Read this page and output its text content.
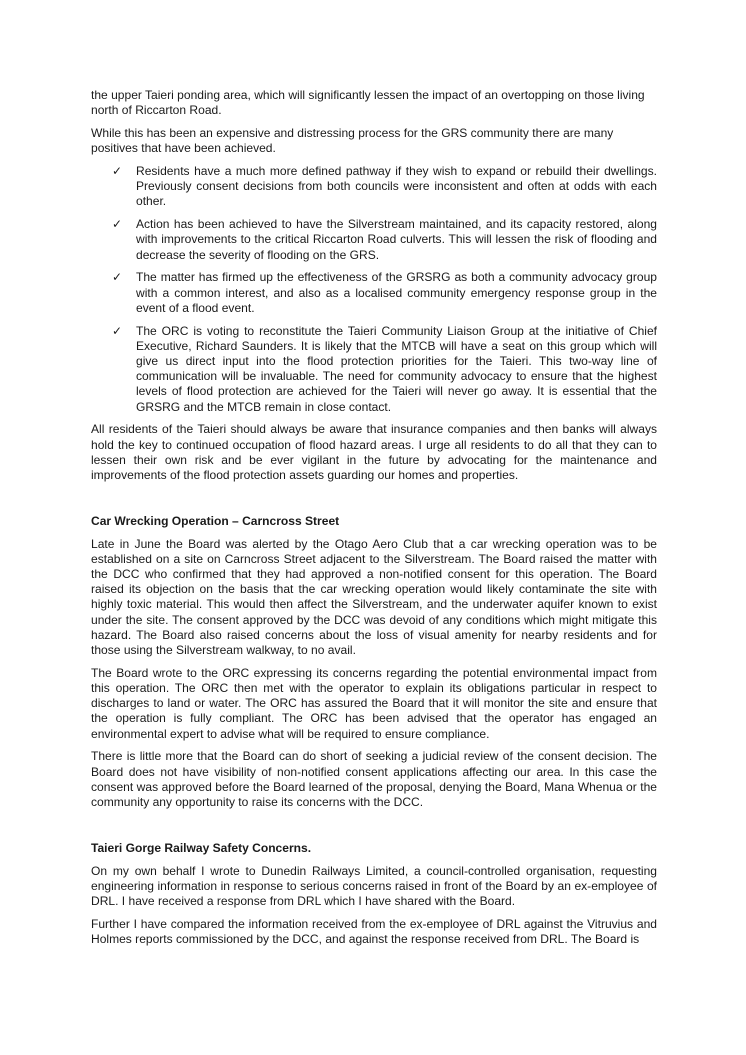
the upper Taieri ponding area, which will significantly lessen the impact of an overtopping on those living north of Riccarton Road.

While this has been an expensive and distressing process for the GRS community there are many positives that have been achieved.

✓ Residents have a much more defined pathway if they wish to expand or rebuild their dwellings. Previously consent decisions from both councils were inconsistent and often at odds with each other.
✓ Action has been achieved to have the Silverstream maintained, and its capacity restored, along with improvements to the critical Riccarton Road culverts. This will lessen the risk of flooding and decrease the severity of flooding on the GRS.
✓ The matter has firmed up the effectiveness of the GRSRG as both a community advocacy group with a common interest, and also as a localised community emergency response group in the event of a flood event.
✓ The ORC is voting to reconstitute the Taieri Community Liaison Group at the initiative of Chief Executive, Richard Saunders. It is likely that the MTCB will have a seat on this group which will give us direct input into the flood protection priorities for the Taieri. This two-way line of communication will be invaluable. The need for community advocacy to ensure that the highest levels of flood protection are achieved for the Taieri will never go away. It is essential that the GRSRG and the MTCB remain in close contact.

All residents of the Taieri should always be aware that insurance companies and then banks will always hold the key to continued occupation of flood hazard areas. I urge all residents to do all that they can to lessen their own risk and be ever vigilant in the future by advocating for the maintenance and improvements of the flood protection assets guarding our homes and properties.

Car Wrecking Operation – Carncross Street

Late in June the Board was alerted by the Otago Aero Club that a car wrecking operation was to be established on a site on Carncross Street adjacent to the Silverstream. The Board raised the matter with the DCC who confirmed that they had approved a non-notified consent for this operation. The Board raised its objection on the basis that the car wrecking operation would likely contaminate the site with highly toxic material. This would then affect the Silverstream, and the underwater aquifer known to exist under the site. The consent approved by the DCC was devoid of any conditions which might mitigate this hazard. The Board also raised concerns about the loss of visual amenity for nearby residents and for those using the Silverstream walkway, to no avail.

The Board wrote to the ORC expressing its concerns regarding the potential environmental impact from this operation. The ORC then met with the operator to explain its obligations particular in respect to discharges to land or water. The ORC has assured the Board that it will monitor the site and ensure that the operation is fully compliant. The ORC has been advised that the operator has engaged an environmental expert to advise what will be required to ensure compliance.

There is little more that the Board can do short of seeking a judicial review of the consent decision. The Board does not have visibility of non-notified consent applications affecting our area. In this case the consent was approved before the Board learned of the proposal, denying the Board, Mana Whenua or the community any opportunity to raise its concerns with the DCC.

Taieri Gorge Railway Safety Concerns.

On my own behalf I wrote to Dunedin Railways Limited, a council-controlled organisation, requesting engineering information in response to serious concerns raised in front of the Board by an ex-employee of DRL. I have received a response from DRL which I have shared with the Board.

Further I have compared the information received from the ex-employee of DRL against the Vitruvius and Holmes reports commissioned by the DCC, and against the response received from DRL. The Board is
